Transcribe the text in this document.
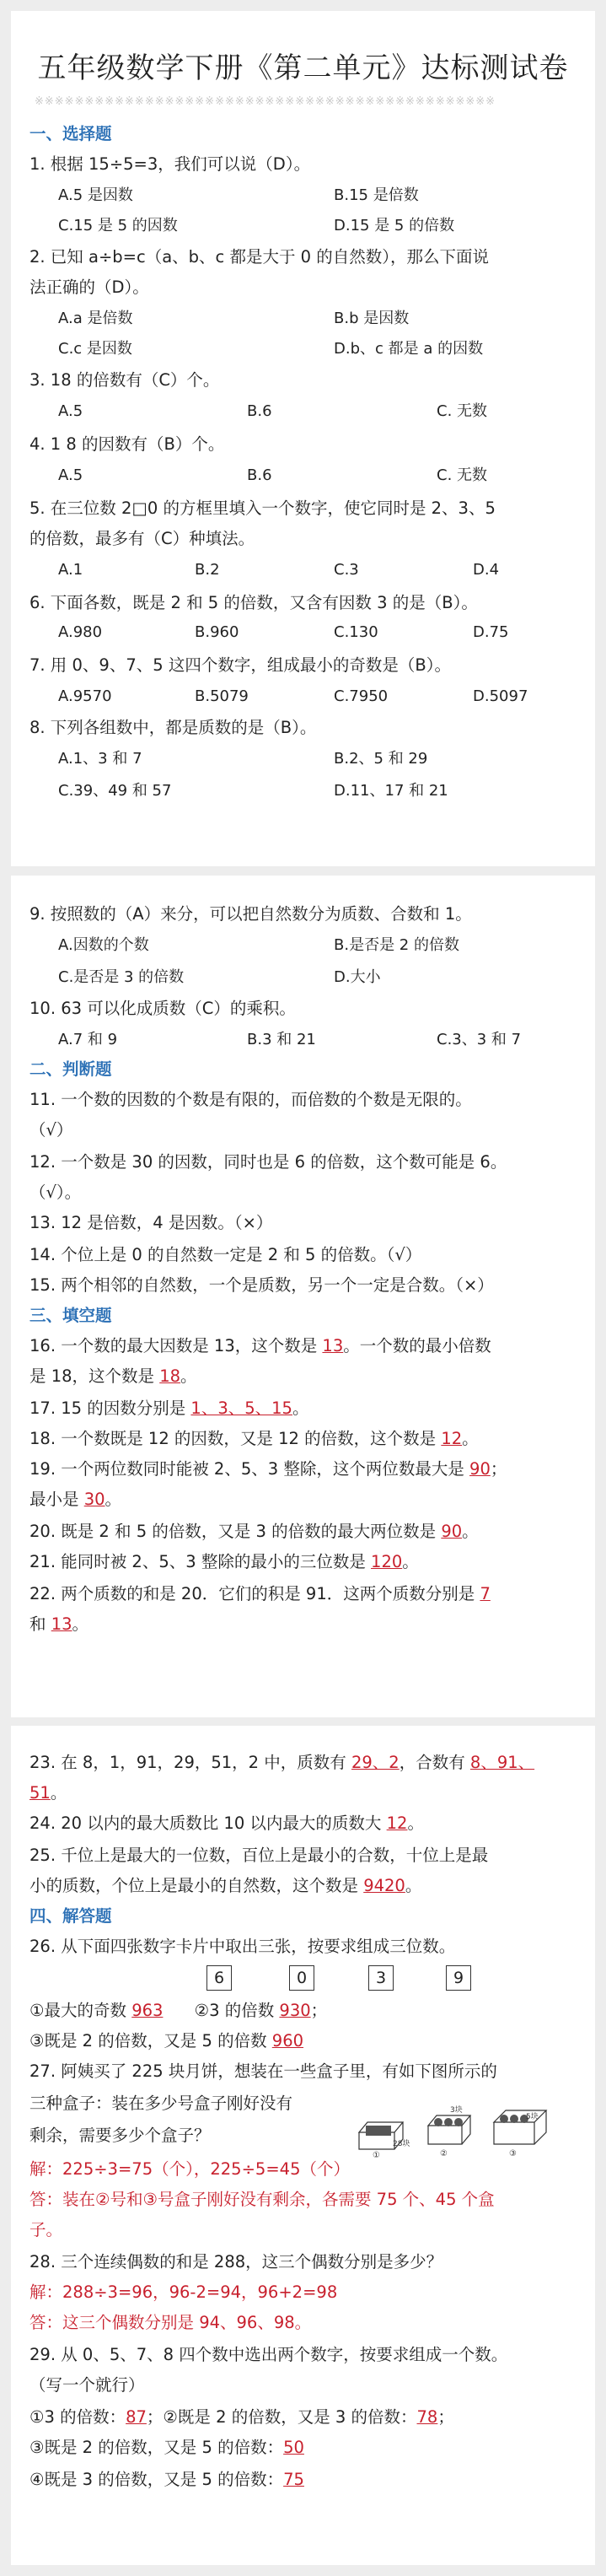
五年级数学下册《第二单元》达标测试卷
※※※※※※※※※※※※※※※※※※※※※※※※※※※※※※※※※※※※※※※※※※※※※※
一、选择题
1. 根据 15÷5=3，我们可以说（D）。
A.5 是因数	B.15 是倍数
C.15 是 5 的因数	D.15 是 5 的倍数
2. 已知 a÷b=c（a、b、c 都是大于 0 的自然数），那么下面说
法正确的（D）。
A.a 是倍数	B.b 是因数
C.c 是因数	D.b、c 都是 a 的因数
3. 18 的倍数有（C）个。
A.5	B.6	C. 无数
4. 1 8 的因数有（B）个。
A.5	B.6	C. 无数
5. 在三位数 2□0 的方框里填入一个数字，使它同时是 2、3、5
的倍数，最多有（C）种填法。
A.1	B.2	C.3	D.4
6. 下面各数，既是 2 和 5 的倍数，又含有因数 3 的是（B）。
A.980	B.960	C.130	D.75
7. 用 0、9、7、5 这四个数字，组成最小的奇数是（B）。
A.9570	B.5079	C.7950	D.5097
8. 下列各组数中，都是质数的是（B）。
A.1、3 和 7	B.2、5 和 29
C.39、49 和 57	D.11、17 和 21
9. 按照数的（A）来分，可以把自然数分为质数、合数和 1。
A.因数的个数	B.是否是 2 的倍数
C.是否是 3 的倍数	D.大小
10. 63 可以化成质数（C）的乘积。
A.7 和 9	B.3 和 21	C.3、3 和 7
二、判断题
11. 一个数的因数的个数是有限的，而倍数的个数是无限的。
（√）
12. 一个数是 30 的因数，同时也是 6 的倍数，这个数可能是 6。
（√）。
13. 12 是倍数，4 是因数。（×）
14. 个位上是 0 的自然数一定是 2 和 5 的倍数。（√）
15. 两个相邻的自然数，一个是质数，另一个一定是合数。（×）
三、填空题
16. 一个数的最大因数是 13，这个数是 13。一个数的最小倍数
是 18，这个数是 18。
17. 15 的因数分别是 1、3、5、15。
18. 一个数既是 12 的因数，又是 12 的倍数，这个数是 12。
19. 一个两位数同时能被 2、5、3 整除，这个两位数最大是 90；
最小是 30。
20. 既是 2 和 5 的倍数，又是 3 的倍数的最大两位数是 90。
21. 能同时被 2、5、3 整除的最小的三位数是 120。
22. 两个质数的和是 20．它们的积是 91．这两个质数分别是 7
和 13。
23. 在 8，1，91，29，51，2 中，质数有 29、2，合数有 8、91、
51。
24. 20 以内的最大质数比 10 以内最大的质数大 12。
25. 千位上是最大的一位数，百位上是最小的合数，十位上是最
小的质数，个位上是最小的自然数，这个数是 9420。
四、解答题
26. 从下面四张数字卡片中取出三张，按要求组成三位数。
6	0	3	9
①最大的奇数 963 ②3 的倍数 930；
③既是 2 的倍数，又是 5 的倍数 960
27. 阿姨买了 225 块月饼，想装在一些盒子里，有如下图所示的
三种盒子：装在多少号盒子刚好没有
剩余，需要多少个盒子？	28块
①
3块
②
5块
③
解：225÷3=75（个），225÷5=45（个）
答：装在②号和③号盒子刚好没有剩余，各需要 75 个、45 个盒
子。
28. 三个连续偶数的和是 288，这三个偶数分别是多少？
解：288÷3=96，96-2=94，96+2=98
答：这三个偶数分别是 94、96、98。
29. 从 0、5、7、8 四个数中选出两个数字，按要求组成一个数。
（写一个就行）
①3 的倍数：87；②既是 2 的倍数，又是 3 的倍数：78；
③既是 2 的倍数，又是 5 的倍数：50
④既是 3 的倍数，又是 5 的倍数：75
